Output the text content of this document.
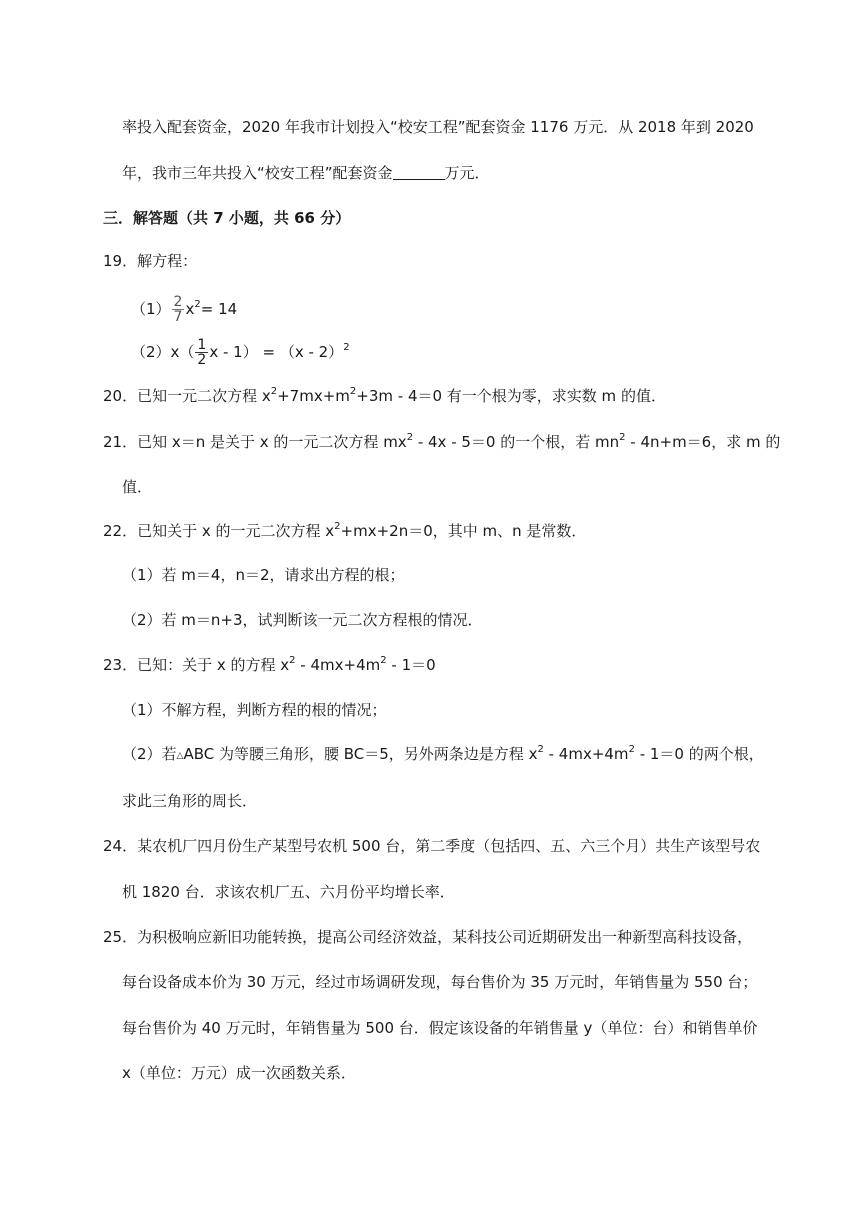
率投入配套资金，2020 年我市计划投入“校安工程”配套资金 1176 万元．从 2018 年到 2020
年，我市三年共投入“校安工程”配套资金	万元．
三．解答题（共 7 小题，共 66 分）
19．解方程：
$(1) \frac{2}{7} x^2= 14$
$(2)x( \frac{1}{2}$ x - 1） = （x - 2）$^2$
20．已知一元二次方程 $x^2+7mx+m^2+3m - 4=0$ 有一个根为零，求实数 m 的值．
21．已知 x＝n 是关于 x 的一元二次方程 $mx^2 - 4x - 5=0$ 的一个根，若 $mn^2 - 4n+m=6$，求 m 的
值．
22．已知关于 x 的一元二次方程 $x^2+mx+2n=0$，其中 m、n 是常数．
（1）若 m＝4，n＝2，请求出方程的根；
（2）若 m＝n+3，试判断该一元二次方程根的情况．
23．已知：关于 x 的方程 $x^2 - 4mx+4m^2 - 1=0$
（1）不解方程，判断方程的根的情况；
（2）若△ABC 为等腰三角形，腰 BC＝5，另外两条边是方程 $x^2 - 4mx+4m^2 - 1=0$ 的两个根，
求此三角形的周长．
24．某农机厂四月份生产某型号农机 500 台，第二季度（包括四、五、六三个月）共生产该型号农
机 1820 台．求该农机厂五、六月份平均增长率．
25．为积极响应新旧功能转换，提高公司经济效益，某科技公司近期研发出一种新型高科技设备，
每台设备成本价为 30 万元，经过市场调研发现，每台售价为 35 万元时，年销售量为 550 台；
每台售价为 40 万元时，年销售量为 500 台．假定该设备的年销售量 y（单位：台）和销售单价
x（单位：万元）成一次函数关系．
